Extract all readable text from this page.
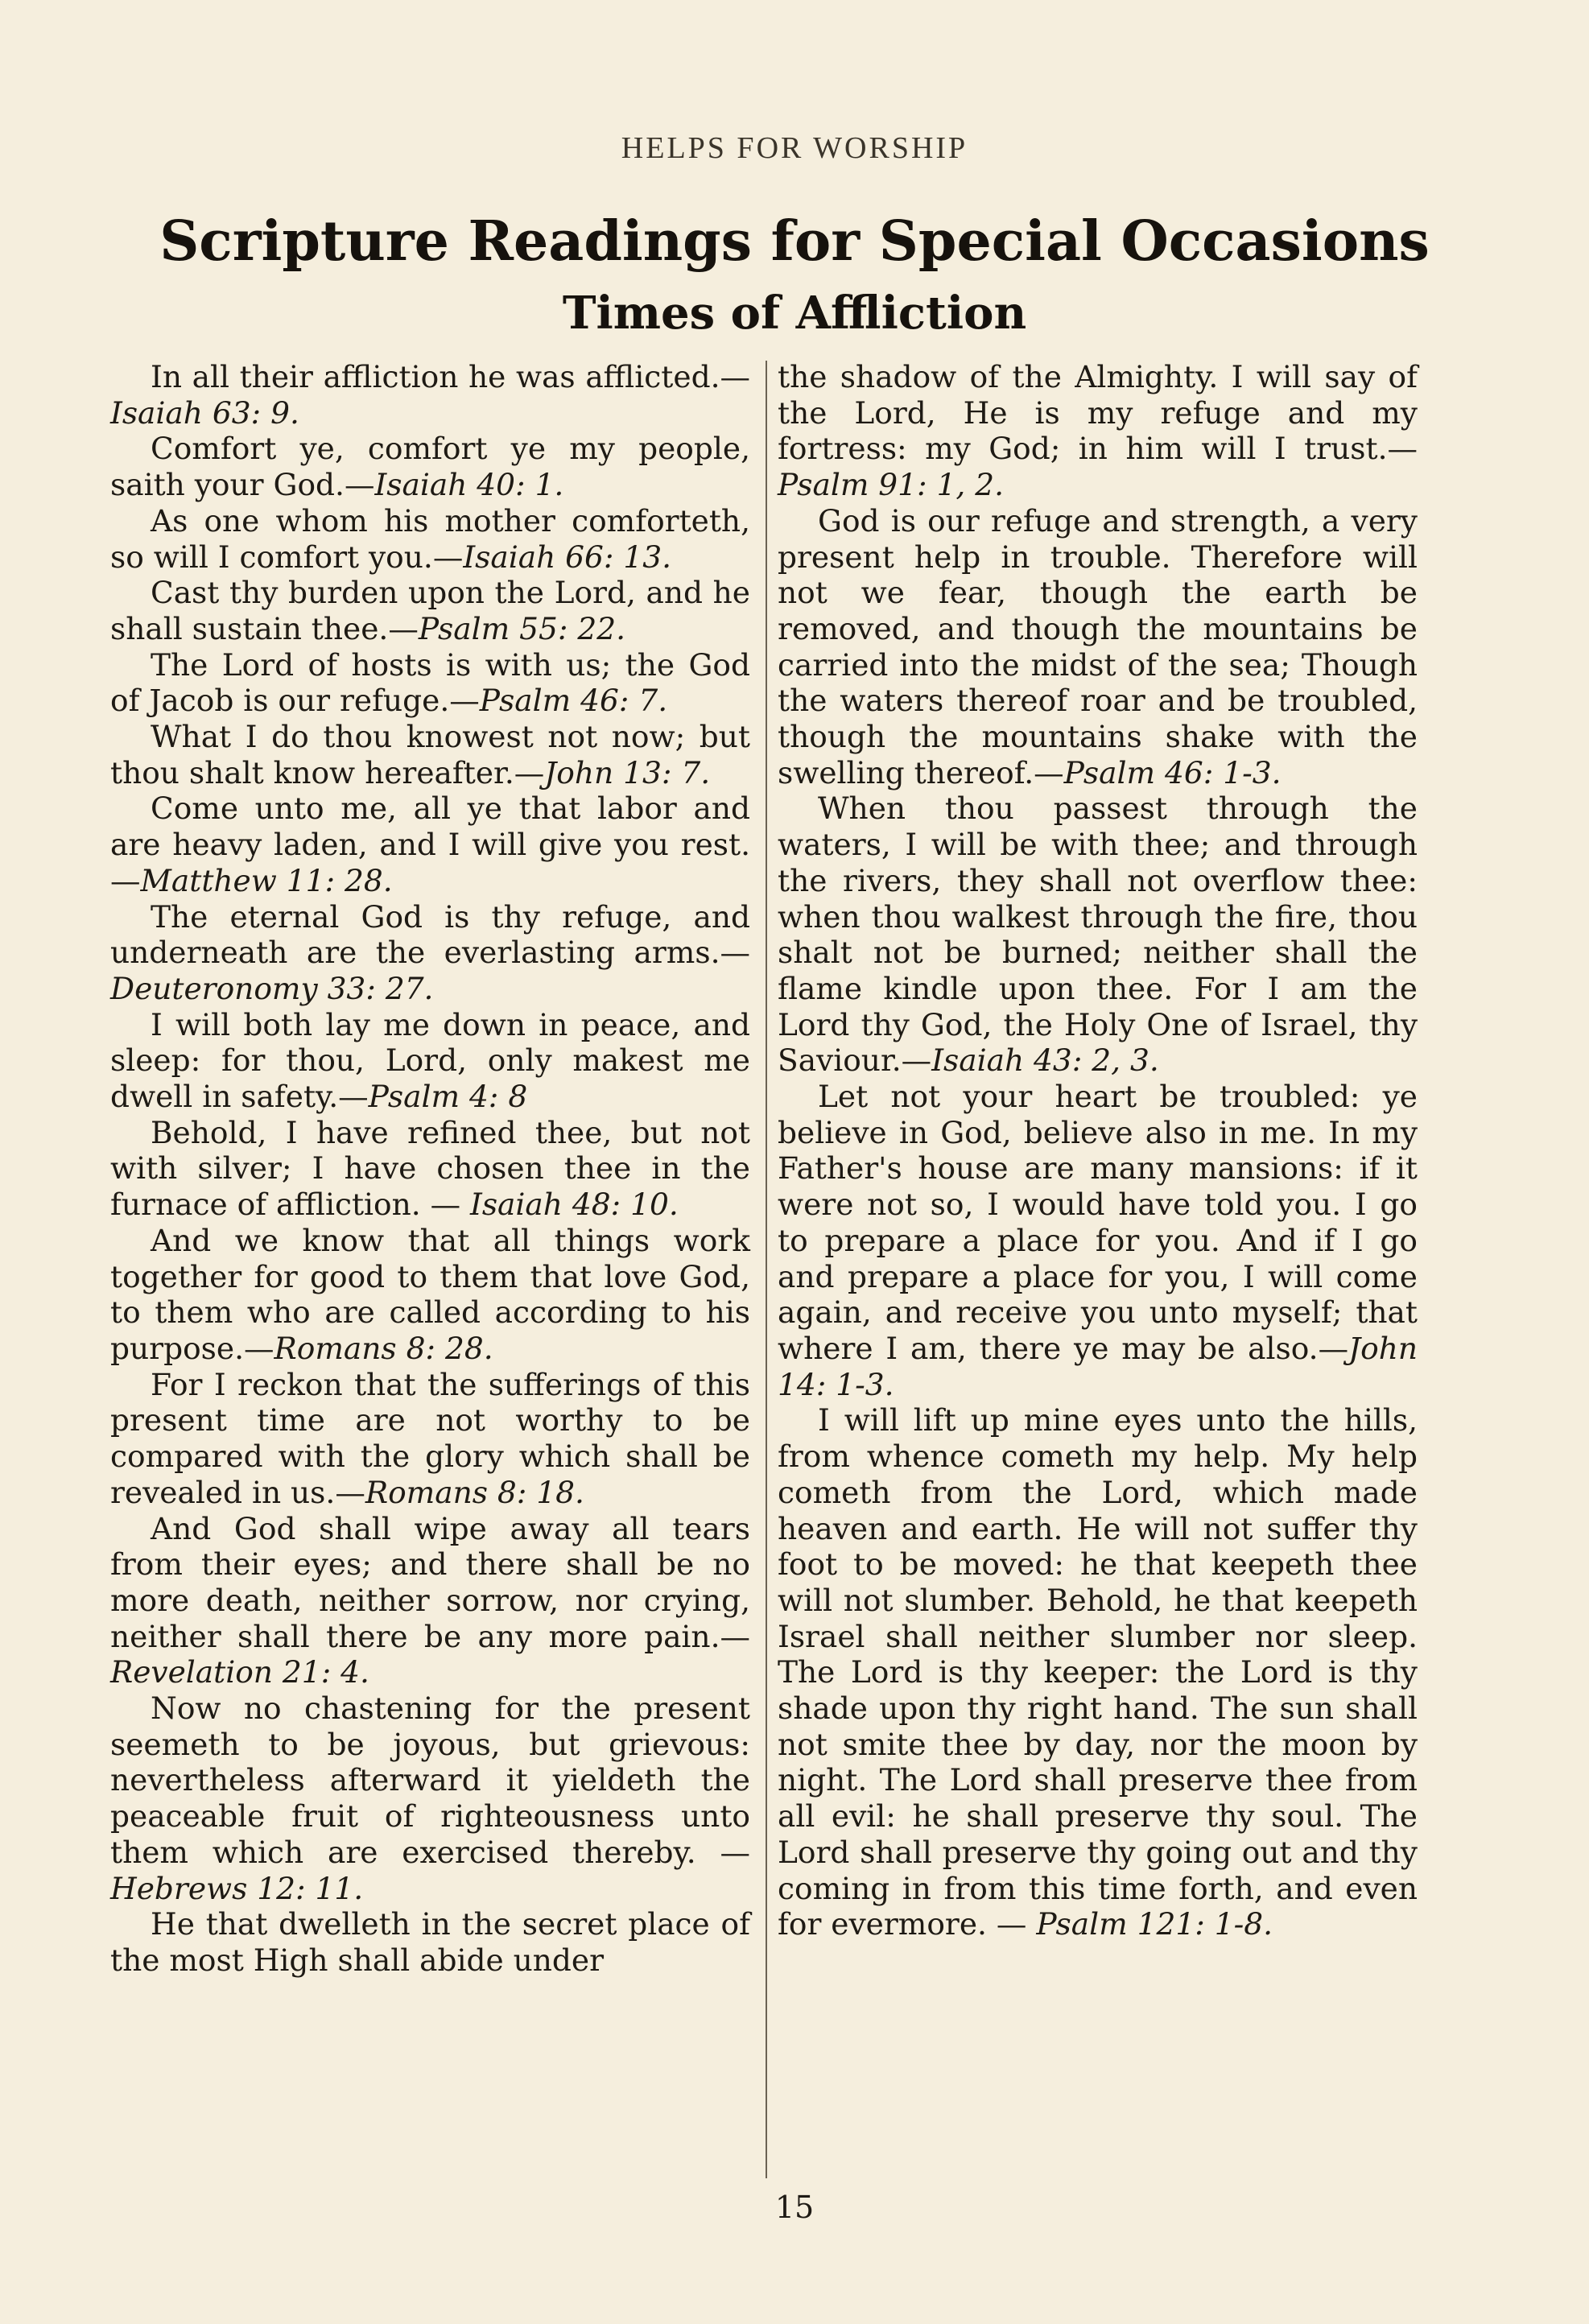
HELPS FOR WORSHIP
Scripture Readings for Special Occasions
Times of Affliction

In all their affliction he was afflicted.—Isaiah 63: 9.

Comfort ye, comfort ye my people, saith your God.—Isaiah 40: 1.

As one whom his mother comforteth, so will I comfort you.—Isaiah 66: 13.

Cast thy burden upon the Lord, and he shall sustain thee.—Psalm 55: 22.

The Lord of hosts is with us; the God of Jacob is our refuge.—Psalm 46: 7.

What I do thou knowest not now; but thou shalt know hereafter.—John 13: 7.

Come unto me, all ye that labor and are heavy laden, and I will give you rest.—Matthew 11: 28.

The eternal God is thy refuge, and underneath are the everlasting arms.—Deuteronomy 33: 27.

I will both lay me down in peace, and sleep: for thou, Lord, only makest me dwell in safety.—Psalm 4: 8

Behold, I have refined thee, but not with silver; I have chosen thee in the furnace of affliction. — Isaiah 48: 10.

And we know that all things work together for good to them that love God, to them who are called according to his purpose.—Romans 8: 28.

For I reckon that the sufferings of this present time are not worthy to be compared with the glory which shall be revealed in us.—Romans 8: 18.

And God shall wipe away all tears from their eyes; and there shall be no more death, neither sorrow, nor crying, neither shall there be any more pain.—Revelation 21: 4.

Now no chastening for the present seemeth to be joyous, but grievous: nevertheless afterward it yieldeth the peaceable fruit of righteousness unto them which are exercised thereby. —Hebrews 12: 11.

He that dwelleth in the secret place of the most High shall abide under

the shadow of the Almighty. I will say of the Lord, He is my refuge and my fortress: my God; in him will I trust.—Psalm 91: 1, 2.

God is our refuge and strength, a very present help in trouble. Therefore will not we fear, though the earth be removed, and though the mountains be carried into the midst of the sea; Though the waters thereof roar and be troubled, though the mountains shake with the swelling thereof.—Psalm 46: 1-3.

When thou passest through the waters, I will be with thee; and through the rivers, they shall not overflow thee: when thou walkest through the fire, thou shalt not be burned; neither shall the flame kindle upon thee. For I am the Lord thy God, the Holy One of Israel, thy Saviour.—Isaiah 43: 2, 3.

Let not your heart be troubled: ye believe in God, believe also in me. In my Father's house are many mansions: if it were not so, I would have told you. I go to prepare a place for you. And if I go and prepare a place for you, I will come again, and receive you unto myself; that where I am, there ye may be also.—John 14: 1-3.

I will lift up mine eyes unto the hills, from whence cometh my help. My help cometh from the Lord, which made heaven and earth. He will not suffer thy foot to be moved: he that keepeth thee will not slumber. Behold, he that keepeth Israel shall neither slumber nor sleep. The Lord is thy keeper: the Lord is thy shade upon thy right hand. The sun shall not smite thee by day, nor the moon by night. The Lord shall preserve thee from all evil: he shall preserve thy soul. The Lord shall preserve thy going out and thy coming in from this time forth, and even for evermore. — Psalm 121: 1-8.

15
